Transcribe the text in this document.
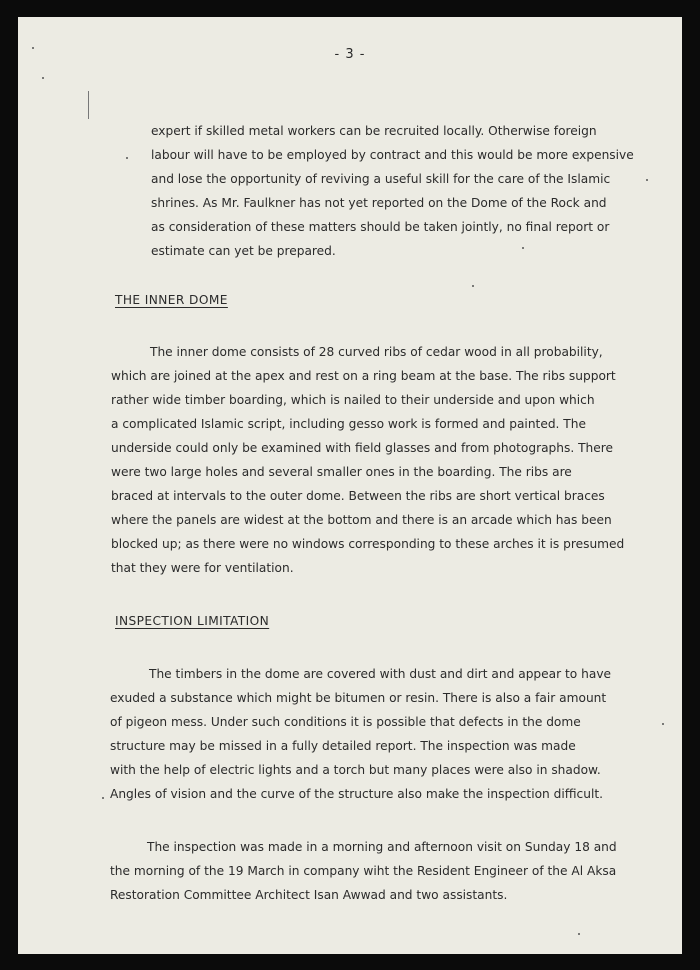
- 3 -

expert if skilled metal workers can be recruited locally. Otherwise foreign
labour will have to be employed by contract and this would be more expensive
and lose the opportunity of reviving a useful skill for the care of the Islamic
shrines. As Mr. Faulkner has not yet reported on the Dome of the Rock and
as consideration of these matters should be taken jointly, no final report or
estimate can yet be prepared.

THE INNER DOME

The inner dome consists of 28 curved ribs of cedar wood in all probability,
which are joined at the apex and rest on a ring beam at the base. The ribs support
rather wide timber boarding, which is nailed to their underside and upon which
a complicated Islamic script, including gesso work is formed and painted. The
underside could only be examined with field glasses and from photographs. There
were two large holes and several smaller ones in the boarding. The ribs are
braced at intervals to the outer dome. Between the ribs are short vertical braces
where the panels are widest at the bottom and there is an arcade which has been
blocked up; as there were no windows corresponding to these arches it is presumed
that they were for ventilation.

INSPECTION LIMITATION

The timbers in the dome are covered with dust and dirt and appear to have
exuded a substance which might be bitumen or resin. There is also a fair amount
of pigeon mess. Under such conditions it is possible that defects in the dome
structure may be missed in a fully detailed report. The inspection was made
with the help of electric lights and a torch but many places were also in shadow.
Angles of vision and the curve of the structure also make the inspection difficult.

The inspection was made in a morning and afternoon visit on Sunday 18 and
the morning of the 19 March in company wiht the Resident Engineer of the Al Aksa
Restoration Committee Architect Isan Awwad and two assistants.
